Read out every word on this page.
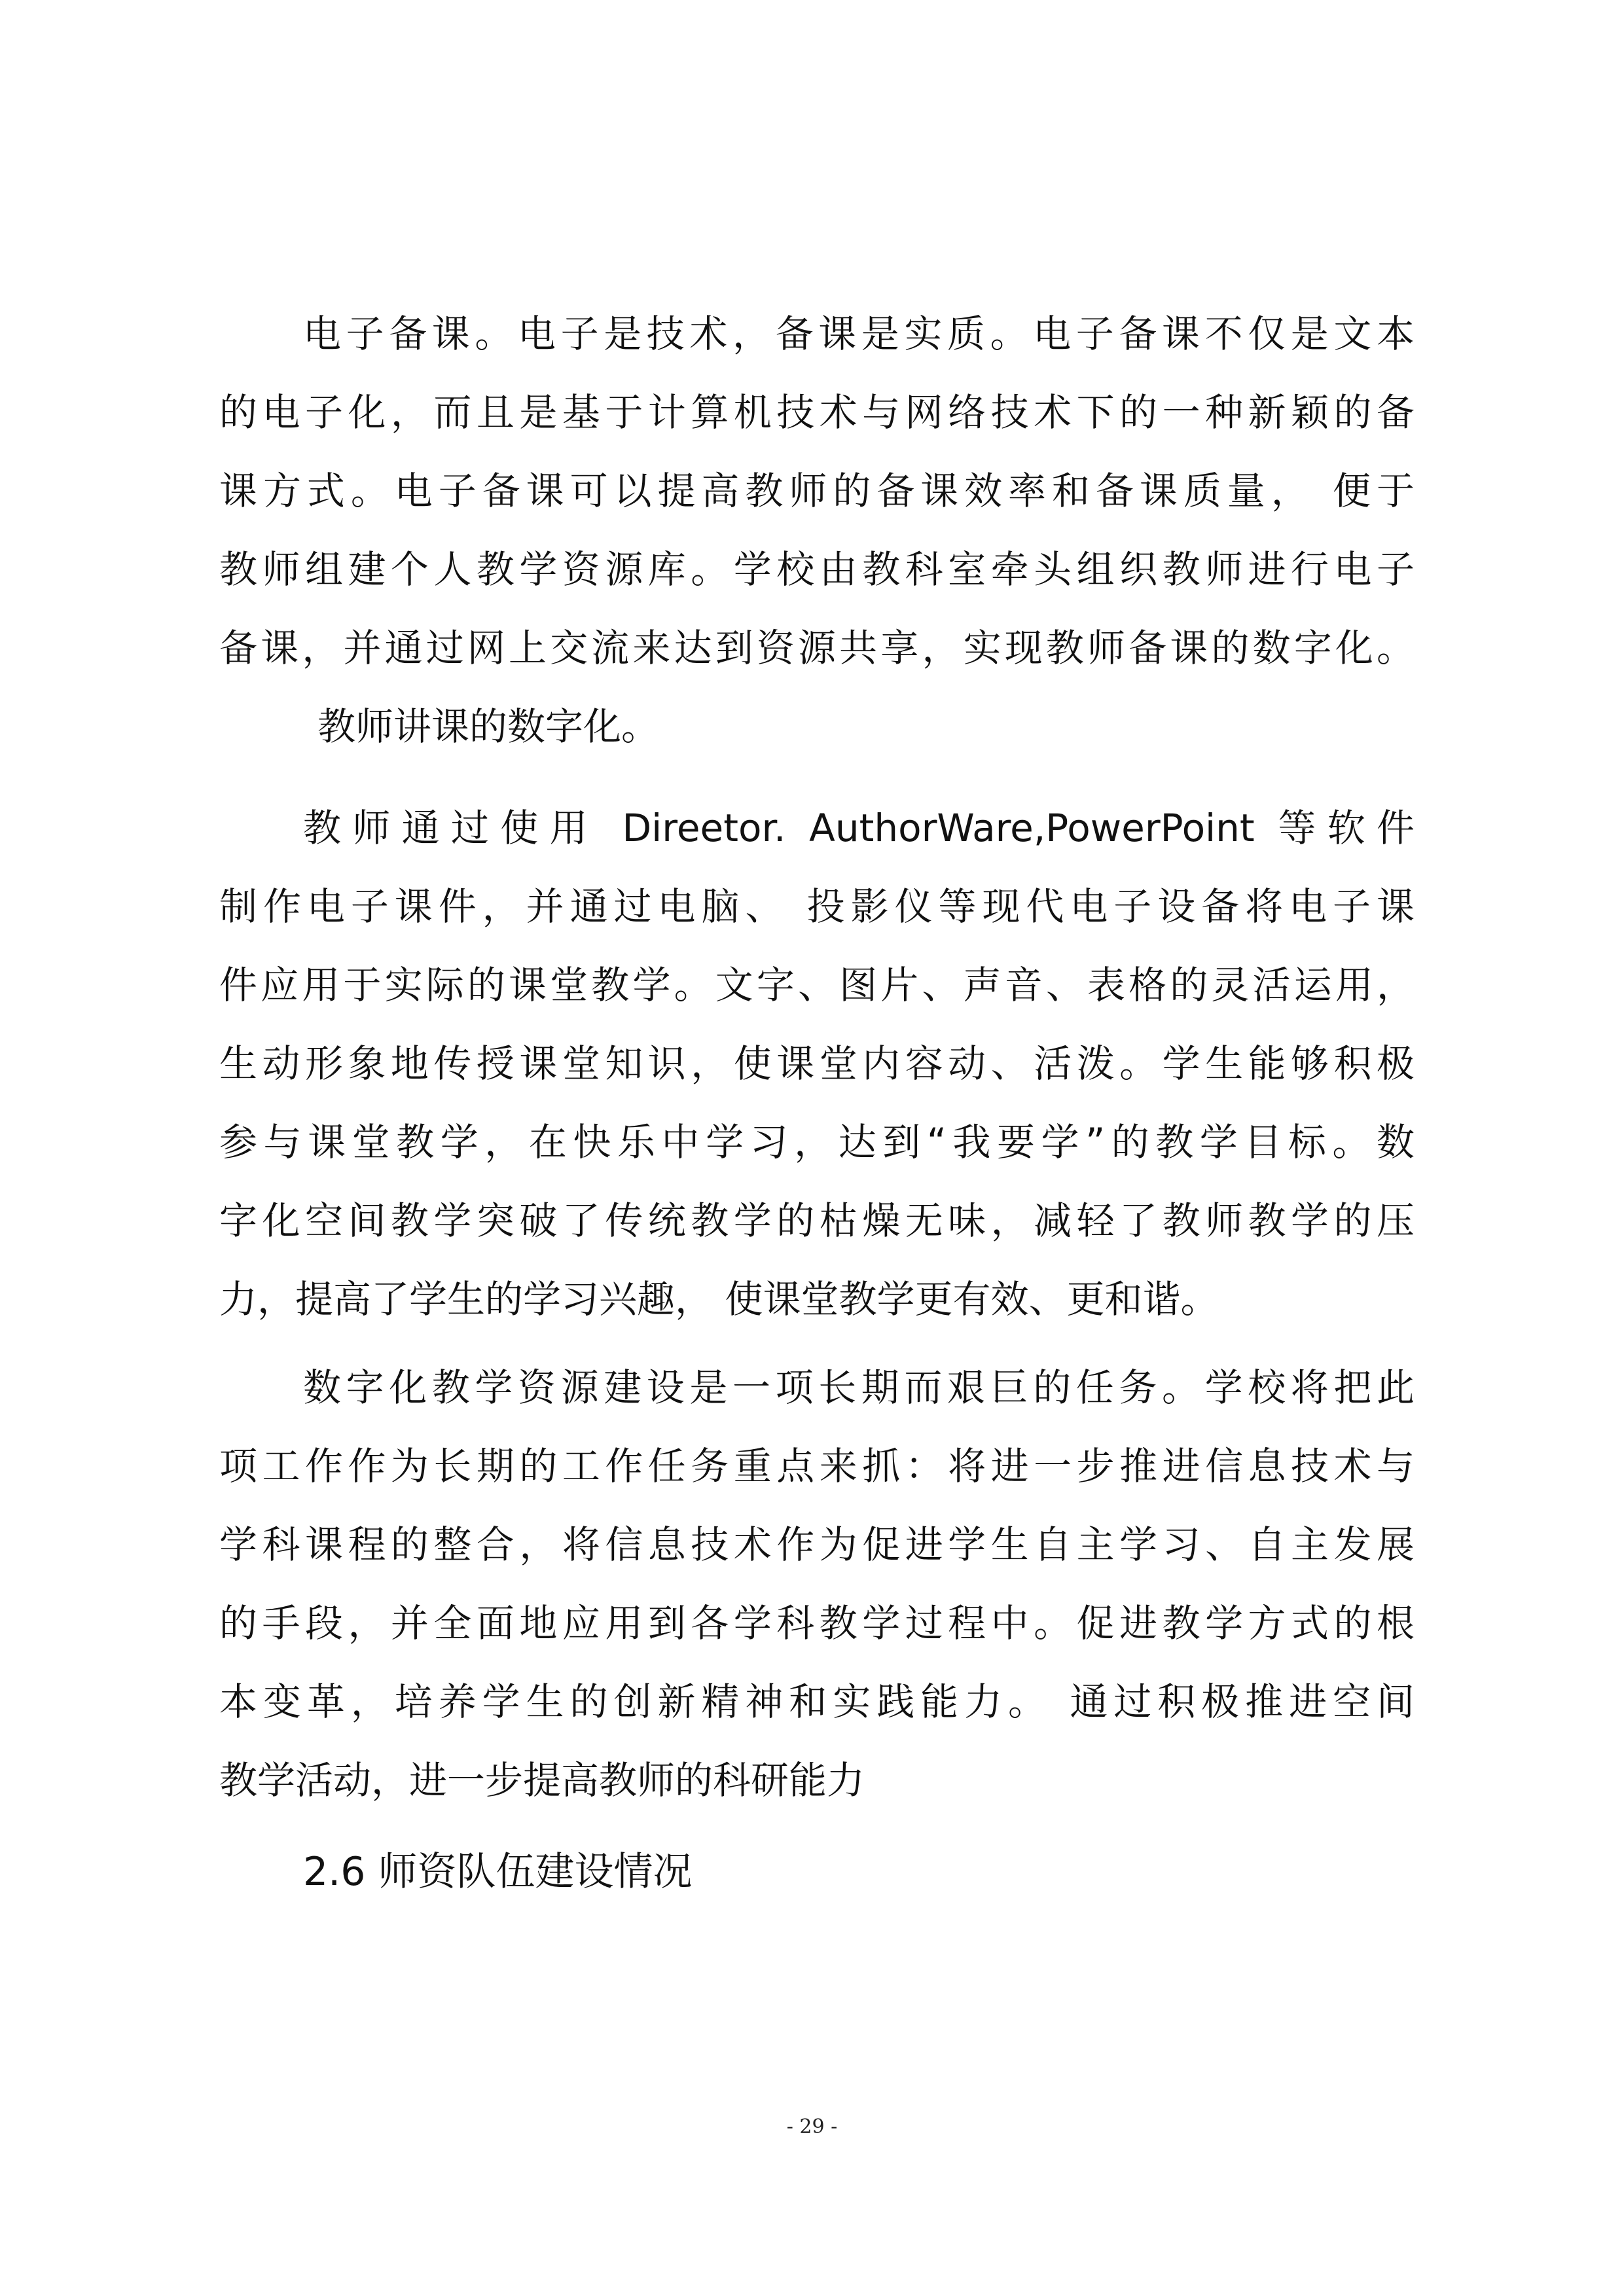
电子备课。电子是技术，备课是实质。电子备课不仅是文本
的电子化，而且是基于计算机技术与网络技术下的一种新颖的备
课方式。电子备课可以提高教师的备课效率和备课质量， 便于
教师组建个人教学资源库。学校由教科室牵头组织教师进行电子
备课，并通过网上交流来达到资源共享，实现教师备课的数字化。
教师讲课的数字化。
教师通过使用 Direetor. AuthorWare,PowerPoint 等软件
制作电子课件，并通过电脑、 投影仪等现代电子设备将电子课
件应用于实际的课堂教学。文字、图片、声音、表格的灵活运用，
生动形象地传授课堂知识，使课堂内容动、活泼。学生能够积极
参与课堂教学，在快乐中学习，达到“我要学”的教学目标。数
字化空间教学突破了传统教学的枯燥无味，减轻了教师教学的压
力，提高了学生的学习兴趣， 使课堂教学更有效、更和谐。
数字化教学资源建设是一项长期而艰巨的任务。学校将把此
项工作作为长期的工作任务重点来抓：将进一步推进信息技术与
学科课程的整合，将信息技术作为促进学生自主学习、自主发展
的手段，并全面地应用到各学科教学过程中。促进教学方式的根
本变革，培养学生的创新精神和实践能力。 通过积极推进空间
教学活动，进一步提高教师的科研能力
2.6 师资队伍建设情况
- 29 -
